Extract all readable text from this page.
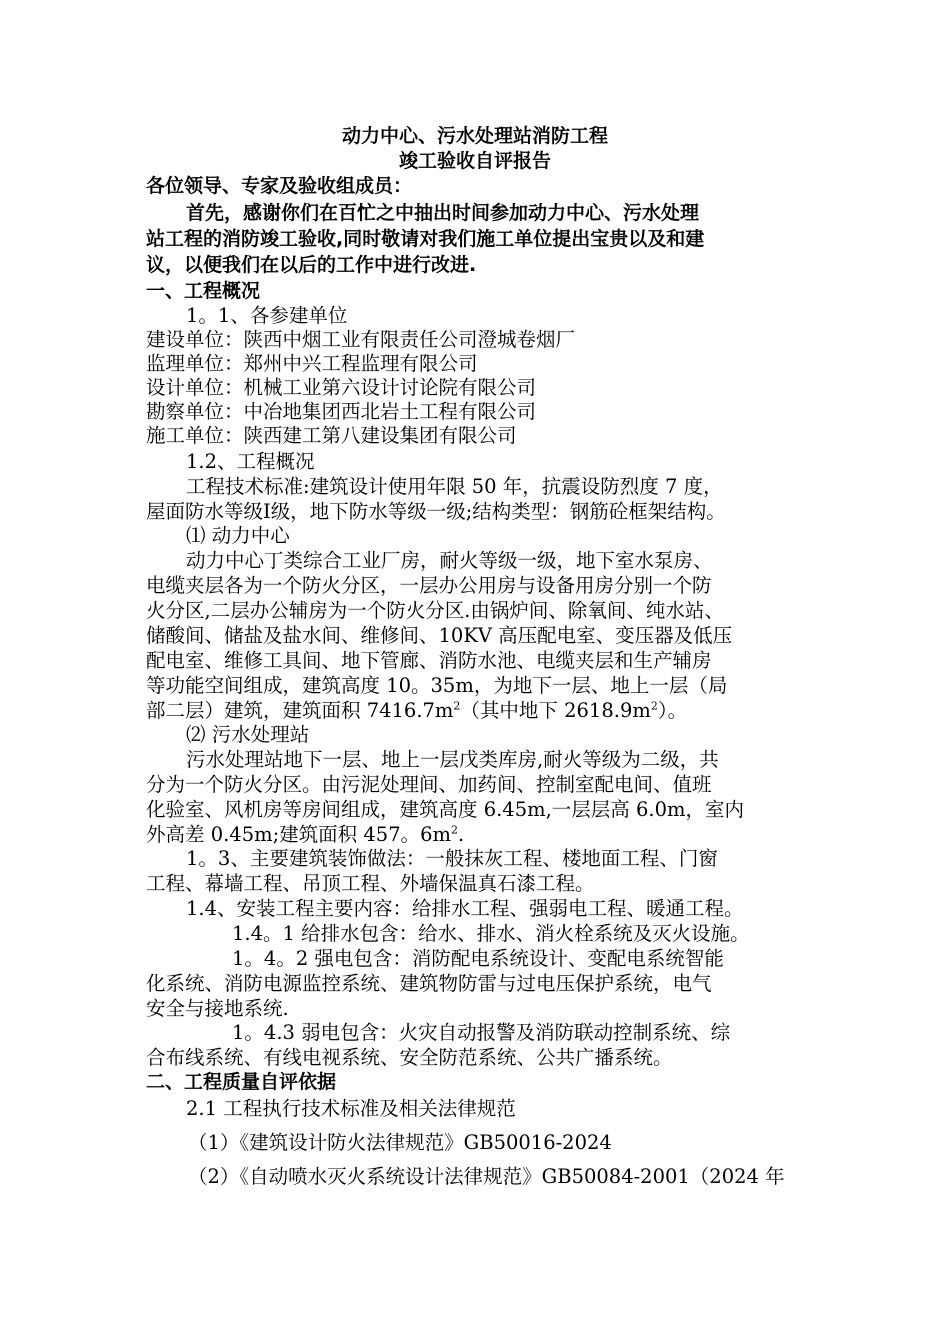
动力中心、污水处理站消防工程

竣工验收自评报告

各位领导、专家及验收组成员：

首先，感谢你们在百忙之中抽出时间参加动力中心、污水处理

站工程的消防竣工验收,同时敬请对我们施工单位提出宝贵以及和建

议，以便我们在以后的工作中进行改进.

一、工程概况

1。1、各参建单位

建设单位：陕西中烟工业有限责任公司澄城卷烟厂

监理单位：郑州中兴工程监理有限公司

设计单位：机械工业第六设计讨论院有限公司

勘察单位：中冶地集团西北岩土工程有限公司

施工单位：陕西建工第八建设集团有限公司

1.2、工程概况

工程技术标准:建筑设计使用年限 50 年，抗震设防烈度 7 度，

屋面防水等级Ⅰ级，地下防水等级一级;结构类型：钢筋砼框架结构。

⑴ 动力中心

动力中心丁类综合工业厂房，耐火等级一级，地下室水泵房、

电缆夹层各为一个防火分区，一层办公用房与设备用房分别一个防

火分区,二层办公辅房为一个防火分区.由锅炉间、除氧间、纯水站、

储酸间、储盐及盐水间、维修间、10KV 高压配电室、变压器及低压

配电室、维修工具间、地下管廊、消防水池、电缆夹层和生产辅房

等功能空间组成，建筑高度 10。35m，为地下一层、地上一层（局

部二层）建筑，建筑面积 $7416.7m^2$（其中地下 $2618.9m^2$）。

⑵ 污水处理站

污水处理站地下一层、地上一层戊类库房,耐火等级为二级，共

分为一个防火分区。由污泥处理间、加药间、控制室配电间、值班

化验室、风机房等房间组成，建筑高度 6.45m,一层层高 6.0m，室内

外高差 0.45m;建筑面积 457。$6m^2$.

1。3、主要建筑装饰做法：一般抹灰工程、楼地面工程、门窗

工程、幕墙工程、吊顶工程、外墙保温真石漆工程。

1.4、安装工程主要内容：给排水工程、强弱电工程、暖通工程。

1.4。1 给排水包含：给水、排水、消火栓系统及灭火设施。

1。4。2 强电包含：消防配电系统设计、变配电系统智能

化系统、消防电源监控系统、建筑物防雷与过电压保护系统，电气

安全与接地系统.

1。4.3 弱电包含：火灾自动报警及消防联动控制系统、综

合布线系统、有线电视系统、安全防范系统、公共广播系统。

二、工程质量自评依据

2.1 工程执行技术标准及相关法律规范

（1）《建筑设计防火法律规范》GB50016-2024

（2）《自动喷水灭火系统设计法律规范》GB50084-2001（2024 年
